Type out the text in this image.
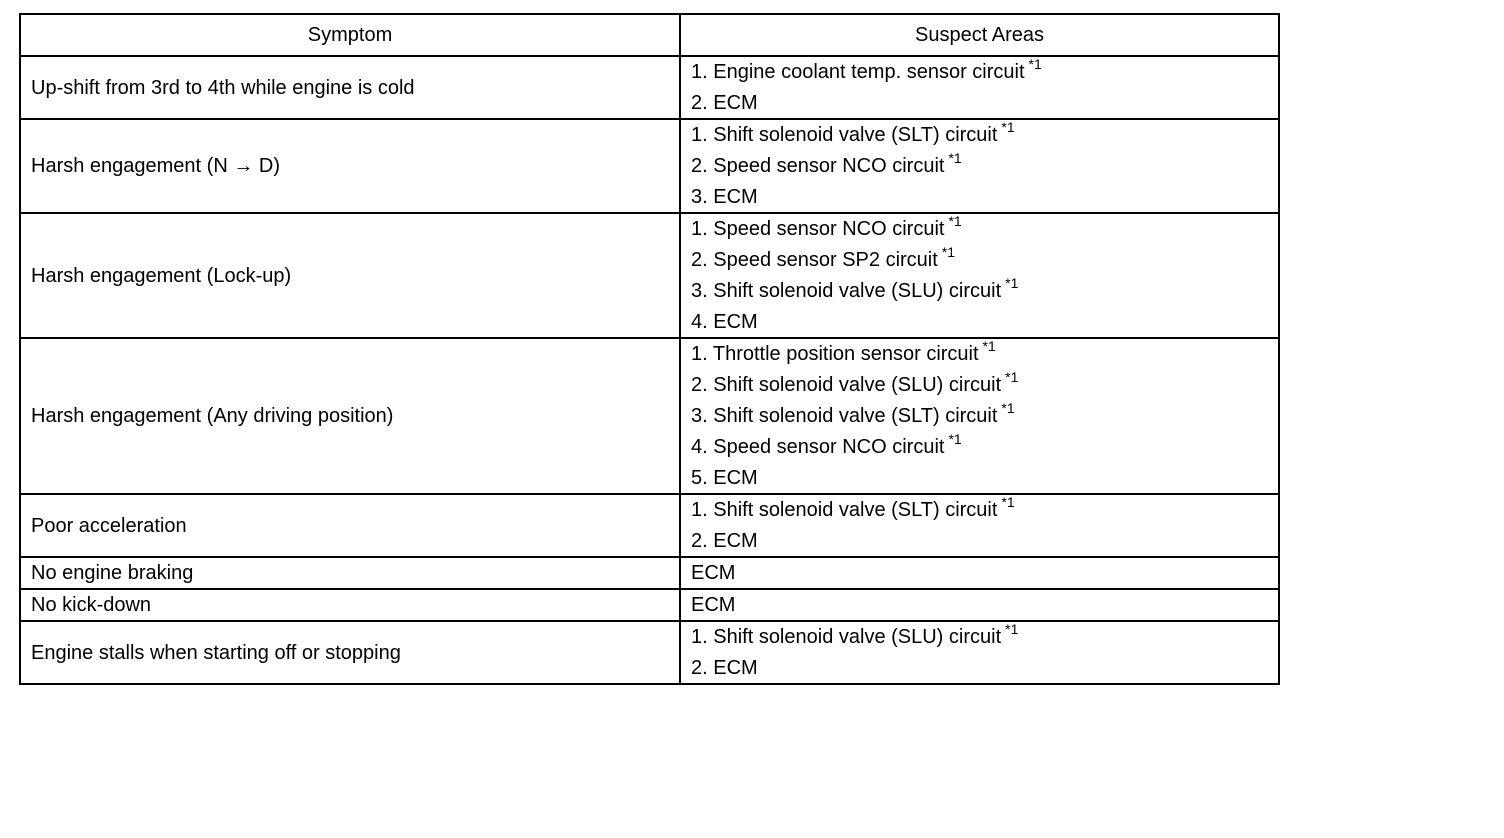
Symptom	Suspect Areas
Up-shift from 3rd to 4th while engine is cold	1. Engine coolant temp. sensor circuit $^{*1}$
2. ECM

Harsh engagement (N → D)	1. Shift solenoid valve (SLT) circuit $^{*1}$
2. Speed sensor NCO circuit $^{*1}$
3. ECM

Harsh engagement (Lock-up)	1. Speed sensor NCO circuit $^{*1}$
2. Speed sensor SP2 circuit $^{*1}$
3. Shift solenoid valve (SLU) circuit $^{*1}$
4. ECM

Harsh engagement (Any driving position)	1. Throttle position sensor circuit $^{*1}$
2. Shift solenoid valve (SLU) circuit $^{*1}$
3. Shift solenoid valve (SLT) circuit $^{*1}$
4. Speed sensor NCO circuit $^{*1}$
5. ECM

Poor acceleration	1. Shift solenoid valve (SLT) circuit $^{*1}$
2. ECM

No engine braking	ECM

No kick-down	ECM

Engine stalls when starting off or stopping	1. Shift solenoid valve (SLU) circuit $^{*1}$
2. ECM
